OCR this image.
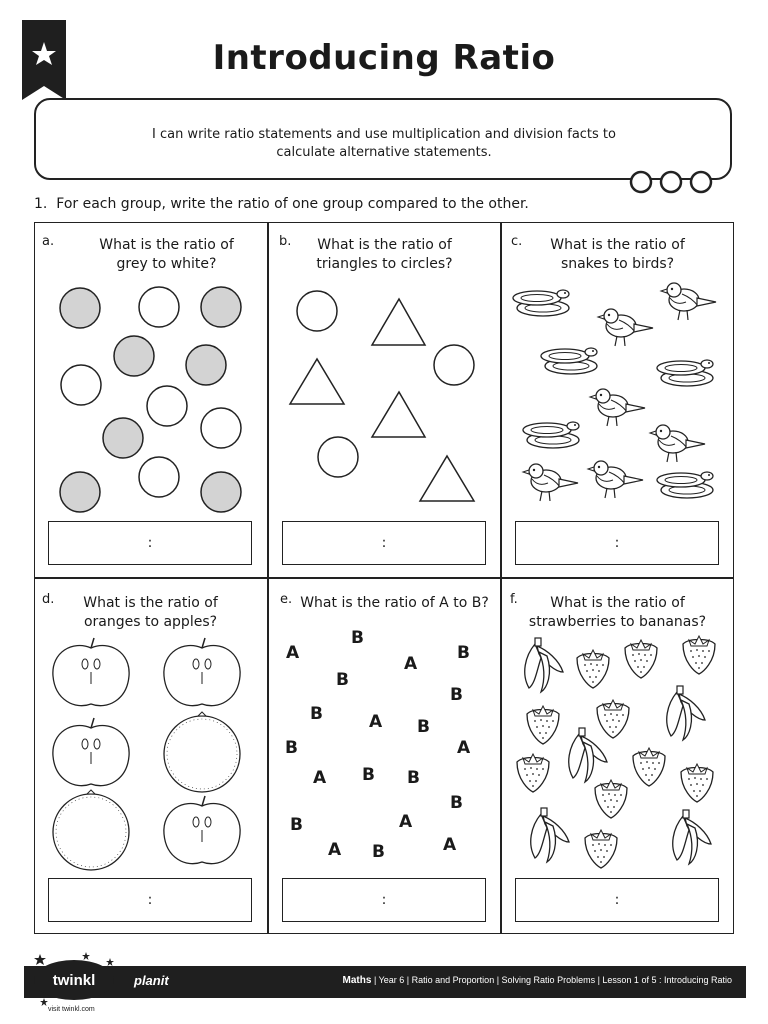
Introducing Ratio
I can write ratio statements and use multiplication and division facts to
calculate alternative statements.
1. For each group, write the ratio of one group compared to the other.
a.	What is the ratio of
grey to white?
:
b.	What is the ratio of
triangles to circles?
:
c.	What is the ratio of
snakes to birds?
:
d.	What is the ratio of
oranges to apples?
:
e. What is the ratio of A to B?
B
A
A
B
B
B
B	A B
B	A
A B B
B
A
B
A
B
A
:
f.	What is the ratio of
strawberries to bananas?
:
Maths | Year 6 | Ratio and Proportion | Solving Ratio Problems | Lesson 1 of 5 : Introducing Ratio
twinkl	planit
visit twinkl.com
